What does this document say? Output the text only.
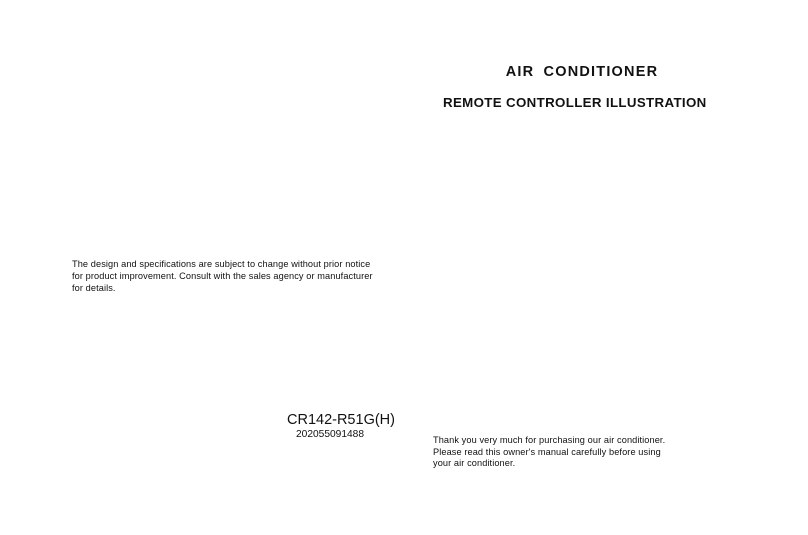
The design and specifications are subject to change without prior notice
for product improvement. Consult with the sales agency or manufacturer
for details.
CR142-R51G(H)
202055091488
AIR CONDITIONER
REMOTE CONTROLLER ILLUSTRATION
Thank you very much for purchasing our air conditioner.
Please read this owner's manual carefully before using
your air conditioner.
